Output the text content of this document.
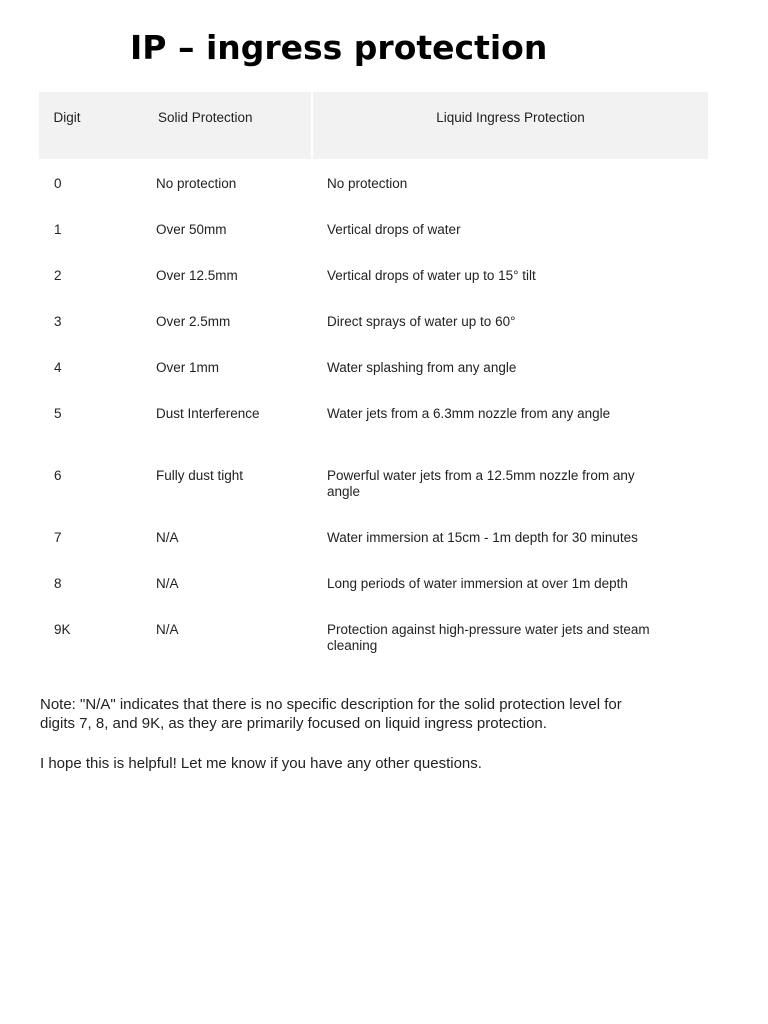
IP – ingress protection
Digit	Solid Protection	Liquid Ingress Protection

0	No protection	No protection
1	Over 50mm	Vertical drops of water
2	Over 12.5mm	Vertical drops of water up to 15° tilt
3	Over 2.5mm	Direct sprays of water up to 60°
4	Over 1mm	Water splashing from any angle
5	Dust Interference	Water jets from a 6.3mm nozzle from any angle
6	Fully dust tight	Powerful water jets from a 12.5mm nozzle from any angle
7	N/A	Water immersion at 15cm - 1m depth for 30 minutes
8	N/A	Long periods of water immersion at over 1m depth
9K	N/A	Protection against high-pressure water jets and steam cleaning

Note: "N/A" indicates that there is no specific description for the solid protection level for digits 7, 8, and 9K, as they are primarily focused on liquid ingress protection.

I hope this is helpful! Let me know if you have any other questions.
